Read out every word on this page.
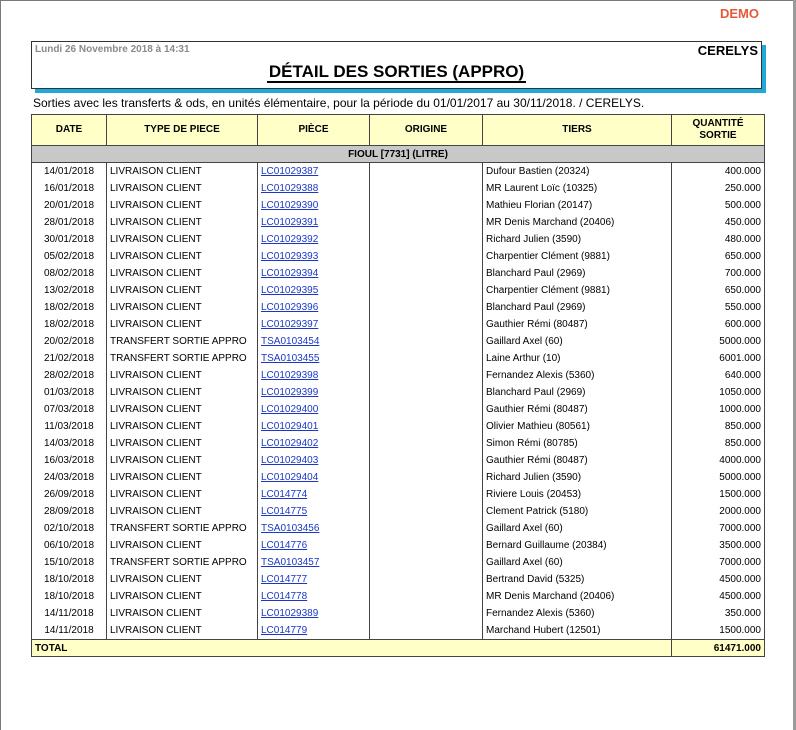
DEMO
Lundi 26 Novembre 2018 à 14:31	CERELYS
DÉTAIL DES SORTIES (APPRO)
Sorties avec les transferts & ods, en unités élémentaire, pour la période du 01/01/2017 au 30/11/2018. / CERELYS.
DATE	TYPE DE PIECE	PIÈCE	ORIGINE	TIERS	QUANTITÉ
SORTIE
FIOUL [7731] (LITRE)					
14/01/2018	LIVRAISON CLIENT	LC01029387		Dufour Bastien (20324)	400.000
16/01/2018	LIVRAISON CLIENT	LC01029388		MR Laurent Loïc (10325)	250.000
20/01/2018	LIVRAISON CLIENT	LC01029390		Mathieu Florian (20147)	500.000
28/01/2018	LIVRAISON CLIENT	LC01029391		MR Denis Marchand (20406)	450.000
30/01/2018	LIVRAISON CLIENT	LC01029392		Richard Julien (3590)	480.000
05/02/2018	LIVRAISON CLIENT	LC01029393		Charpentier Clément (9881)	650.000
08/02/2018	LIVRAISON CLIENT	LC01029394		Blanchard Paul (2969)	700.000
13/02/2018	LIVRAISON CLIENT	LC01029395		Charpentier Clément (9881)	650.000
18/02/2018	LIVRAISON CLIENT	LC01029396		Blanchard Paul (2969)	550.000
18/02/2018	LIVRAISON CLIENT	LC01029397		Gauthier Rémi (80487)	600.000
20/02/2018	TRANSFERT SORTIE APPRO	TSA0103454		Gaillard Axel (60)	5000.000
21/02/2018	TRANSFERT SORTIE APPRO	TSA0103455		Laine Arthur (10)	6001.000
28/02/2018	LIVRAISON CLIENT	LC01029398		Fernandez Alexis (5360)	640.000
01/03/2018	LIVRAISON CLIENT	LC01029399		Blanchard Paul (2969)	1050.000
07/03/2018	LIVRAISON CLIENT	LC01029400		Gauthier Rémi (80487)	1000.000
11/03/2018	LIVRAISON CLIENT	LC01029401		Olivier Mathieu (80561)	850.000
14/03/2018	LIVRAISON CLIENT	LC01029402		Simon Rémi (80785)	850.000
16/03/2018	LIVRAISON CLIENT	LC01029403		Gauthier Rémi (80487)	4000.000
24/03/2018	LIVRAISON CLIENT	LC01029404		Richard Julien (3590)	5000.000
26/09/2018	LIVRAISON CLIENT	LC014774		Riviere Louis (20453)	1500.000
28/09/2018	LIVRAISON CLIENT	LC014775		Clement Patrick (5180)	2000.000
02/10/2018	TRANSFERT SORTIE APPRO	TSA0103456		Gaillard Axel (60)	7000.000
06/10/2018	LIVRAISON CLIENT	LC014776		Bernard Guillaume (20384)	3500.000
15/10/2018	TRANSFERT SORTIE APPRO	TSA0103457		Gaillard Axel (60)	7000.000
18/10/2018	LIVRAISON CLIENT	LC014777		Bertrand David (5325)	4500.000
18/10/2018	LIVRAISON CLIENT	LC014778		MR Denis Marchand (20406)	4500.000
14/11/2018	LIVRAISON CLIENT	LC01029389		Fernandez Alexis (5360)	350.000
14/11/2018	LIVRAISON CLIENT	LC014779		Marchand Hubert (12501)	1500.000
TOTAL					61471.000
